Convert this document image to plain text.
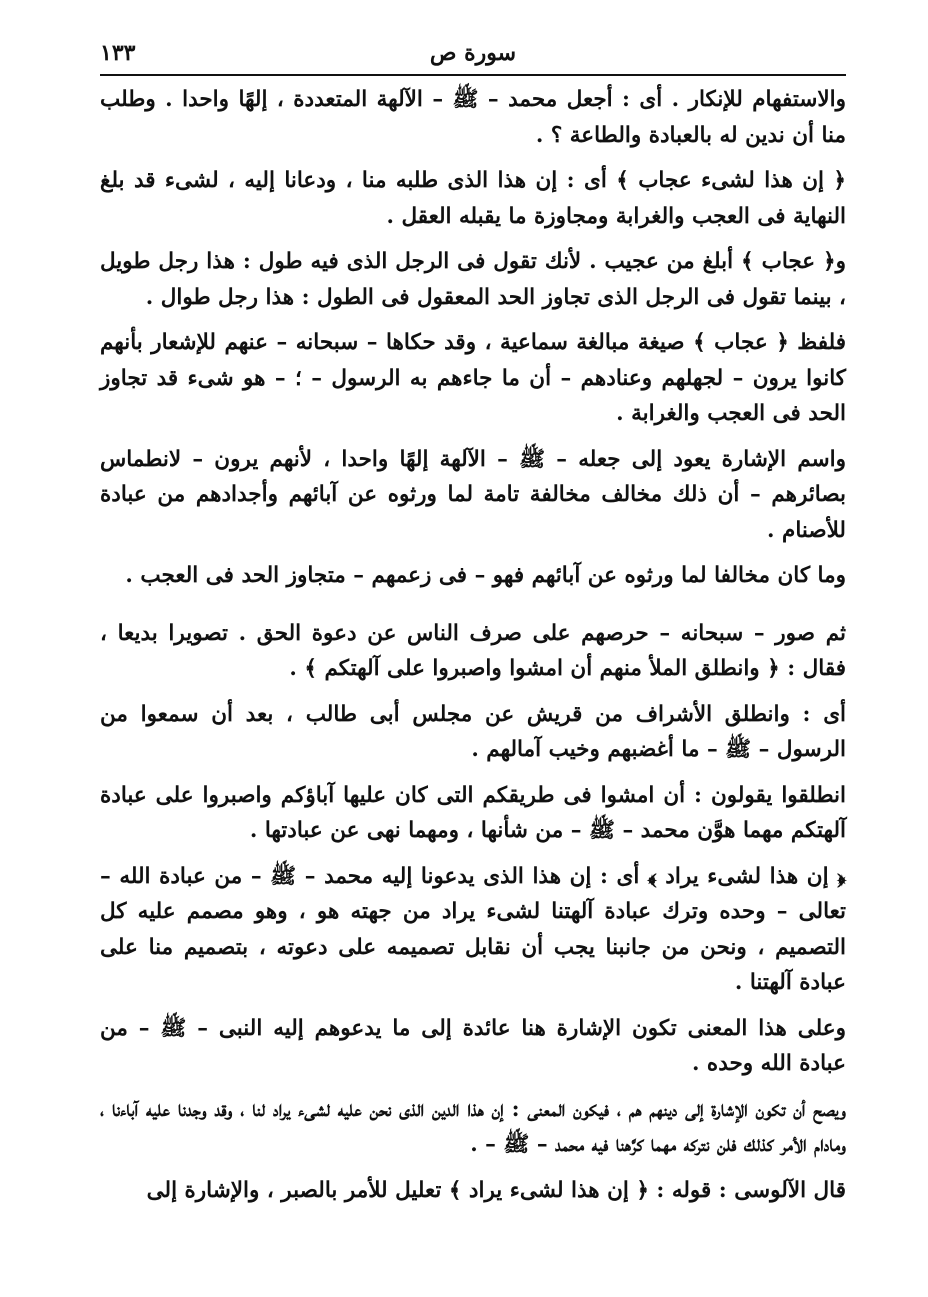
١٣٣	سورة ص

والاستفهام للإنكار . أى : أجعل محمد – ﷺ – الآلهة المتعددة ، إلهًا واحدا . وطلب منا أن ندين له بالعبادة والطاعة ؟ .

﴿ إن هذا لشىء عجاب ﴾ أى : إن هذا الذى طلبه منا ، ودعانا إليه ، لشىء قد بلغ النهاية فى العجب والغرابة ومجاوزة ما يقبله العقل .

و﴿ عجاب ﴾ أبلغ من عجيب . لأنك تقول فى الرجل الذى فيه طول : هذا رجل طويل ، بينما تقول فى الرجل الذى تجاوز الحد المعقول فى الطول : هذا رجل طوال .

فلفظ ﴿ عجاب ﴾ صيغة مبالغة سماعية ، وقد حكاها – سبحانه – عنهم للإشعار بأنهم كانوا يرون – لجهلهم وعنادهم – أن ما جاءهم به الرسول – ؛ – هو شىء قد تجاوز الحد فى العجب والغرابة .

واسم الإشارة يعود إلى جعله – ﷺ – الآلهة إلهًا واحدا ، لأنهم يرون – لانطماس بصائرهم – أن ذلك مخالف مخالفة تامة لما ورثوه عن آبائهم وأجدادهم من عبادة للأصنام .

وما كان مخالفا لما ورثوه عن آبائهم فهو – فى زعمهم – متجاوز الحد فى العجب .

ثم صور – سبحانه – حرصهم على صرف الناس عن دعوة الحق . تصويرا بديعا ، فقال : ﴿ وانطلق الملأ منهم أن امشوا واصبروا على آلهتكم ﴾ .

أى : وانطلق الأشراف من قريش عن مجلس أبى طالب ، بعد أن سمعوا من الرسول – ﷺ – ما أغضبهم وخيب آمالهم .

انطلقوا يقولون : أن امشوا فى طريقكم التى كان عليها آباؤكم واصبروا على عبادة آلهتكم مهما هوَّن محمد – ﷺ – من شأنها ، ومهما نهى عن عبادتها .

﴿ إن هذا لشىء يراد ﴾ أى : إن هذا الذى يدعونا إليه محمد – ﷺ – من عبادة الله – تعالى – وحده وترك عبادة آلهتنا لشىء يراد من جهته هو ، وهو مصمم عليه كل التصميم ، ونحن من جانبنا يجب أن نقابل تصميمه على دعوته ، بتصميم منا على عبادة آلهتنا .

وعلى هذا المعنى تكون الإشارة هنا عائدة إلى ما يدعوهم إليه النبى – ﷺ – من عبادة الله وحده .

ويصح أن تكون الإشارة إلى دينهم هم ، فيكون المعنى : إن هذا الدين الذى نحن عليه لشىء يراد لنا ، وقد وجدنا عليه آباءنا ، ومادام الأمر كذلك فلن نتركه مهما كرَّهنا فيه محمد – ﷺ – .

قال الآلوسى : قوله : ﴿ إن هذا لشىء يراد ﴾ تعليل للأمر بالصبر ، والإشارة إلى
